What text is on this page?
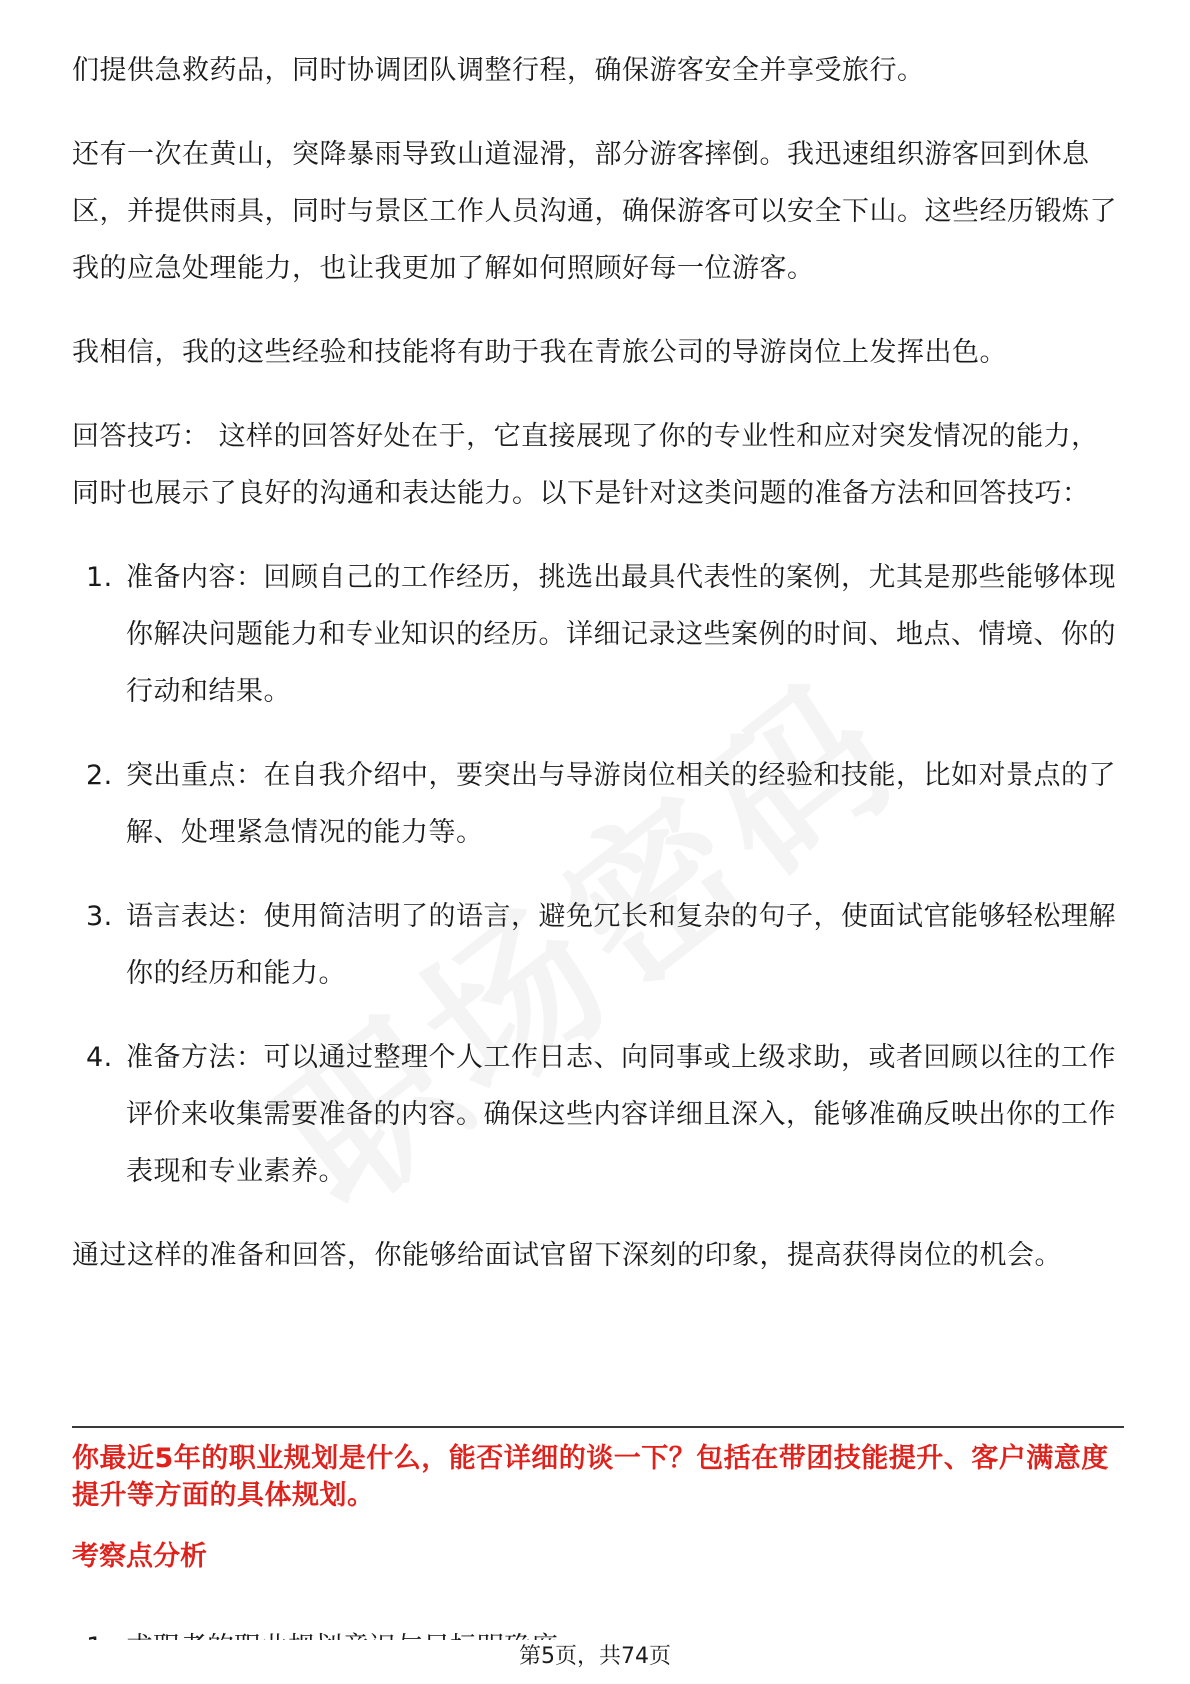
们提供急救药品，同时协调团队调整行程，确保游客安全并享受旅行。

还有一次在黄山，突降暴雨导致山道湿滑，部分游客摔倒。我迅速组织游客回到休息区，并提供雨具，同时与景区工作人员沟通，确保游客可以安全下山。这些经历锻炼了我的应急处理能力，也让我更加了解如何照顾好每一位游客。

我相信，我的这些经验和技能将有助于我在青旅公司的导游岗位上发挥出色。

回答技巧： 这样的回答好处在于，它直接展现了你的专业性和应对突发情况的能力，同时也展示了良好的沟通和表达能力。以下是针对这类问题的准备方法和回答技巧：

1. 准备内容：回顾自己的工作经历，挑选出最具代表性的案例，尤其是那些能够体现你解决问题能力和专业知识的经历。详细记录这些案例的时间、地点、情境、你的行动和结果。
2. 突出重点：在自我介绍中，要突出与导游岗位相关的经验和技能，比如对景点的了解、处理紧急情况的能力等。
3. 语言表达：使用简洁明了的语言，避免冗长和复杂的句子，使面试官能够轻松理解你的经历和能力。
4. 准备方法：可以通过整理个人工作日志、向同事或上级求助，或者回顾以往的工作评价来收集需要准备的内容。确保这些内容详细且深入，能够准确反映出你的工作表现和专业素养。

通过这样的准备和回答，你能够给面试官留下深刻的印象，提高获得岗位的机会。

你最近5年的职业规划是什么，能否详细的谈一下？包括在带团技能提升、客户满意度提升等方面的具体规划。
考察点分析
第5页，共74页
